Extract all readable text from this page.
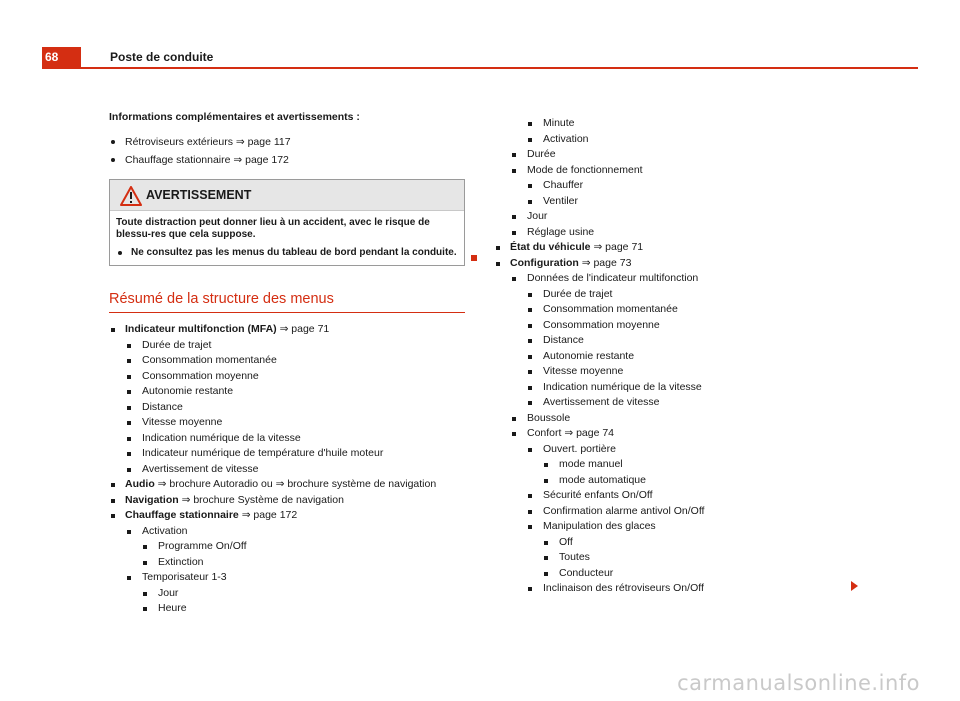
68	Poste de conduite
Informations complémentaires et avertissements :
Rétroviseurs extérieurs ⇒ page 117
Chauffage stationnaire ⇒ page 172
AVERTISSEMENT

Toute distraction peut donner lieu à un accident, avec le risque de blessu-res que cela suppose.

Ne consultez pas les menus du tableau de bord pendant la conduite.

Résumé de la structure des menus
Indicateur multifonction (MFA) ⇒ page 71
Durée de trajet
Consommation momentanée
Consommation moyenne
Autonomie restante
Distance
Vitesse moyenne
Indication numérique de la vitesse
Indicateur numérique de température d'huile moteur
Avertissement de vitesse
Audio ⇒ brochure Autoradio ou ⇒ brochure système de navigation
Navigation ⇒ brochure Système de navigation
Chauffage stationnaire ⇒ page 172
Activation
Programme On/Off
Extinction
Temporisateur 1-3
Jour
Heure
Minute
Activation
Durée
Mode de fonctionnement
Chauffer
Ventiler
Jour
Réglage usine
État du véhicule ⇒ page 71
Configuration ⇒ page 73
Données de l'indicateur multifonction
Durée de trajet
Consommation momentanée
Consommation moyenne
Distance
Autonomie restante
Vitesse moyenne
Indication numérique de la vitesse
Avertissement de vitesse
Boussole
Confort ⇒ page 74
Ouvert. portière
mode manuel
mode automatique
Sécurité enfants On/Off
Confirmation alarme antivol On/Off
Manipulation des glaces
Off
Toutes
Conducteur
Inclinaison des rétroviseurs On/Off
carmanualsonline.info
